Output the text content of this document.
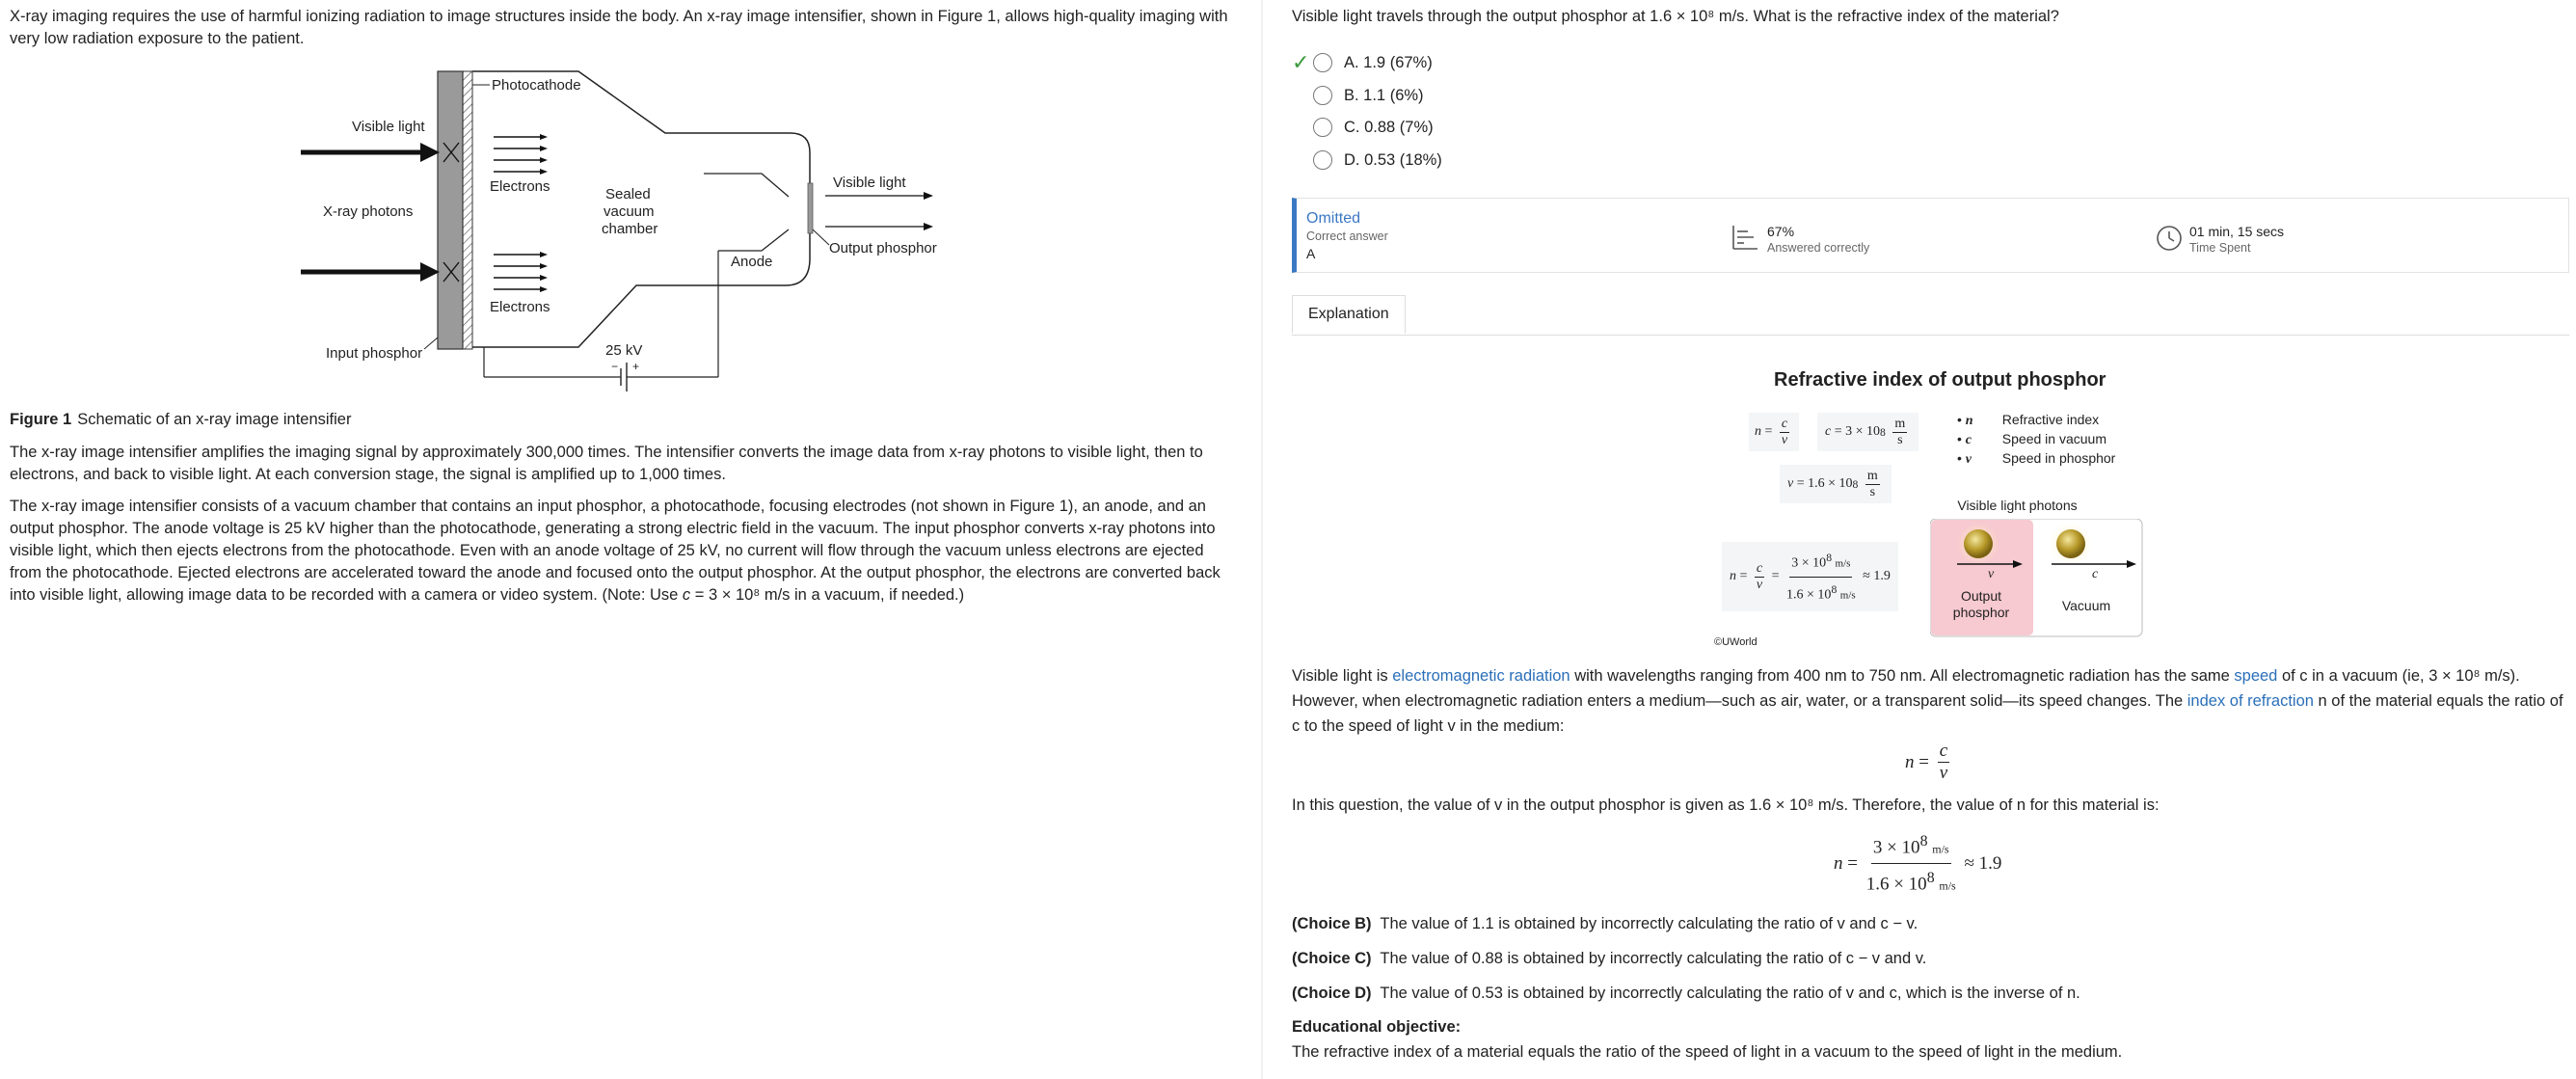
X-ray imaging requires the use of harmful ionizing radiation to image structures inside the body. An x-ray image intensifier, shown in Figure 1, allows high-quality imaging with very low radiation exposure to the patient.
Photocathode
Visible light
X-ray photons
Electrons	Sealed
vacuum
chamber
Visible light
Output phosphor
Anode
Electrons
Input phosphor	25 kV
− +
Figure 1 Schematic of an x-ray image intensifier
The x-ray image intensifier amplifies the imaging signal by approximately 300,000 times. The intensifier converts the image data from x-ray photons to visible light, then to electrons, and back to visible light. At each conversion stage, the signal is amplified up to 1,000 times.
The x-ray image intensifier consists of a vacuum chamber that contains an input phosphor, a photocathode, focusing electrodes (not shown in Figure 1), an anode, and an output phosphor. The anode voltage is 25 kV higher than the photocathode, generating a strong electric field in the vacuum. The input phosphor converts x-ray photons into visible light, which then ejects electrons from the photocathode. Even with an anode voltage of 25 kV, no current will flow through the vacuum unless electrons are ejected from the photocathode. Ejected electrons are accelerated toward the anode and focused onto the output phosphor. At the output phosphor, the electrons are converted back into visible light, allowing image data to be recorded with a camera or video system. (Note: Use c = 3 × 10⁸ m/s in a vacuum, if needed.)
Visible light travels through the output phosphor at 1.6 × 10⁸ m/s. What is the refractive index of the material?
✓ A. 1.9 (67%)
B. 1.1 (6%)
C. 0.88 (7%)
D. 0.53 (18%)
Omitted
Correct answer
A
67%
Answered correctly
01 min, 15 secs
Time Spent
Explanation
Refractive index of output phosphor
$n = \frac{c}{v}$	c = 3 × 10 8
$\frac{m}{s}$
v = 1.6 × 10 8
$\frac{m}{s}$
• n Refractive index
• c Speed in vacuum
• v Speed in phosphor
$n = \frac{c}{v} = \frac{3 \times 10^8 m/s}{1.6 \times 10^8 m/s} \approx 1.9$
Visible light photons
v	c
Output
phosphor	Vacuum
©UWorld
Visible light is electromagnetic radiation with wavelengths ranging from 400 nm to 750 nm. All electromagnetic radiation has the same speed of c in a vacuum (ie, 3 × 10⁸ m/s). However, when electromagnetic radiation enters a medium—such as air, water, or a transparent solid—its speed changes. The index of refraction n of the material equals the ratio of c to the speed of light v in the medium:
$n = \frac{c}{v}$
In this question, the value of v in the output phosphor is given as 1.6 × 10⁸ m/s. Therefore, the value of n for this material is:
$n = \frac{3 \times 10^8 m/s}{1.6 \times 10^8 m/s} \approx 1.9$
(Choice B) The value of 1.1 is obtained by incorrectly calculating the ratio of v and c − v.
(Choice C) The value of 0.88 is obtained by incorrectly calculating the ratio of c − v and v.
(Choice D) The value of 0.53 is obtained by incorrectly calculating the ratio of v and c, which is the inverse of n.
Educational objective:
The refractive index of a material equals the ratio of the speed of light in a vacuum to the speed of light in the medium.
